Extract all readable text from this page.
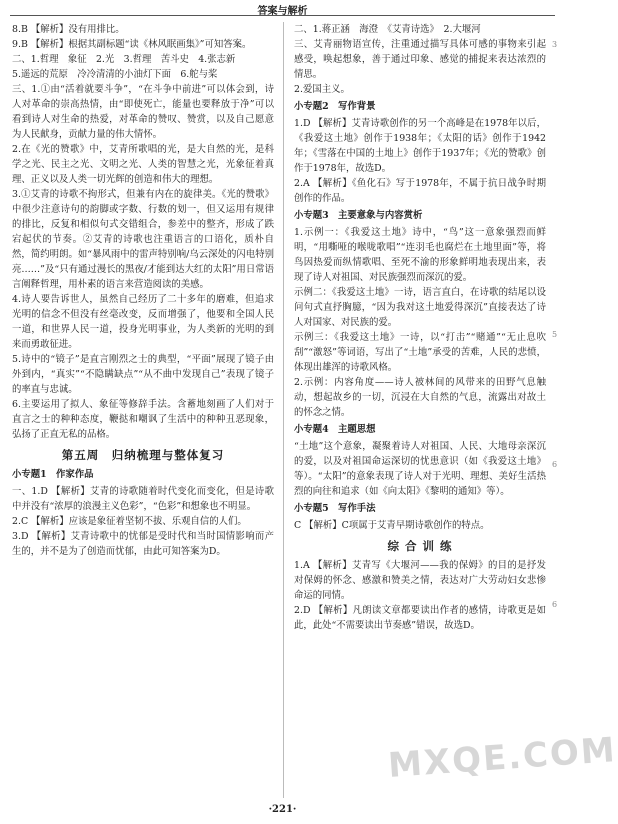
答案与解析
8.B 【解析】没有用排比。
9.B 【解析】根据其副标题“读《林风眠画集》”可知答案。
二、1.哲理　象征　2.光　3.哲理　苦斗史　4.张志新
5.遥远的荒原　冷冷清清的小油灯下面　6.舵与桨
三、1.①由“活着就要斗争”，“在斗争中前进”可以体会到，诗人对革命的崇高热情，由“即使死亡，能量也要释放于净”可以看到诗人对生命的热爱，对革命的赞叹、赞赏，以及自己愿意为人民献身，贡献力量的伟大情怀。
2.在《光的赞歌》中，艾青所歌唱的光，是大自然的光，是科学之光、民主之光、文明之光、人类的智慧之光，光象征着真理、正义以及人类一切光辉的创造和伟大的理想。
3.①艾青的诗歌不拘形式，但兼有内在的旋律美。《光的赞歌》中很少注意诗句的韵脚或字数、行数的划一，但又运用有规律的排比，反复和相似句式交错组合，参差中的整齐，形成了跌宕起伏的节奏。②艾青的诗歌也注重语言的口语化，质朴自然，简约明朗。如“暴风雨中的雷声特别响/乌云深处的闪电特别亮……”及“只有通过漫长的黑夜/才能到达大红的太阳”用日常语言阐释哲理，用朴素的语言来营造阅读的美感。
4.诗人要告诉世人，虽然自己经历了二十多年的磨难，但追求光明的信念不但没有丝毫改变，反而增强了，他要和全国人民一道，和世界人民一道，投身光明事业，为人类新的光明的到来而勇敢征进。
5.诗中的“镜子”是直言刚烈之士的典型，“平面”展现了镜子由外到内，“真实”“不隐瞒缺点”“从不曲中发现自己”表现了镜子的率直与忠诚。
6.主要运用了拟人、象征等修辞手法。含蓄地刻画了人们对于直言之士的种种态度，鞭挞和嘲讽了生活中的种种丑恶现象，弘扬了正直无私的品格。
第五周　归纳梳理与整体复习
小专题1　作家作品
一、1.D 【解析】艾青的诗歌随着时代变化而变化，但是诗歌中并没有“浓厚的浪漫主义色彩”，“色彩”和想象也不明显。
2.C 【解析】应该是象征着坚韧不拔、乐观自信的人们。
3.D 【解析】艾青诗歌中的忧郁是受时代和当时国情影响而产生的，并不是为了创造而忧郁，由此可知答案为D。
二、1.蒋正涵　海澄　《艾青诗选》　2.大堰河
三、艾青丽物语宣传，注重通过描写具体可感的事物来引起感受，唤起想象，善于通过印象、感觉的捕捉来表达浓烈的情思。
2.爱国主义。
小专题2　写作背景
1.D 【解析】艾青诗歌创作的另一个高峰是在1978年以后，《我爱这土地》创作于1938年；《太阳的话》创作于1942年；《雪落在中国的土地上》创作于1937年；《光的赞歌》创作于1978年，故选D。
2.A 【解析】《鱼化石》写于1978年，不属于抗日战争时期创作的作品。
小专题3　主要意象与内容赏析
1.示例一：《我爱这土地》诗中，“鸟”这一意象强烈而鲜明，“用嘶哑的喉咙歌唱”“连羽毛也腐烂在土地里面”等，将鸟因热爱而纵情歌唱、至死不渝的形象鲜明地表现出来，表现了诗人对祖国、对民族强烈而深沉的爱。
示例二：《我爱这土地》一诗，语言直白，在诗歌的结尾以设问句式直抒胸臆，“因为我对这土地爱得深沉”直接表达了诗人对国家、对民族的爱。
示例三：《我爱这土地》一诗，以“打击”“赌通”“无止息吹刮”“激怒”等词语，写出了“土地”承受的苦难，人民的悲愤，体现出雄浑的诗歌风格。
2.示例：内容角度——诗人被林间的风带来的田野气息触动，想起故乡的一切，沉浸在大自然的气息，流露出对故土的怀念之情。
小专题4　主题思想
“土地”这个意象，凝聚着诗人对祖国、人民、大地母亲深沉的爱，以及对祖国命运深切的忧患意识（如《我爱这土地》等）。“太阳”的意象表现了诗人对于光明、理想、美好生活热烈的向往和追求（如《向太阳》《黎明的通知》等）。
小专题5　写作手法
C 【解析】C项属于艾青早期诗歌创作的特点。
综 合 训 练
1.A 【解析】艾青写《大堰河——我的保姆》的目的是抒发对保姆的怀念、感激和赞美之情，表达对广大劳动妇女悲惨命运的同情。
2.D 【解析】凡朗读文章都要读出作者的感情，诗歌更是如此，此处“不需要读出节奏感”错误，故选D。
3
5
6
6
MXQE.COM
·221·
